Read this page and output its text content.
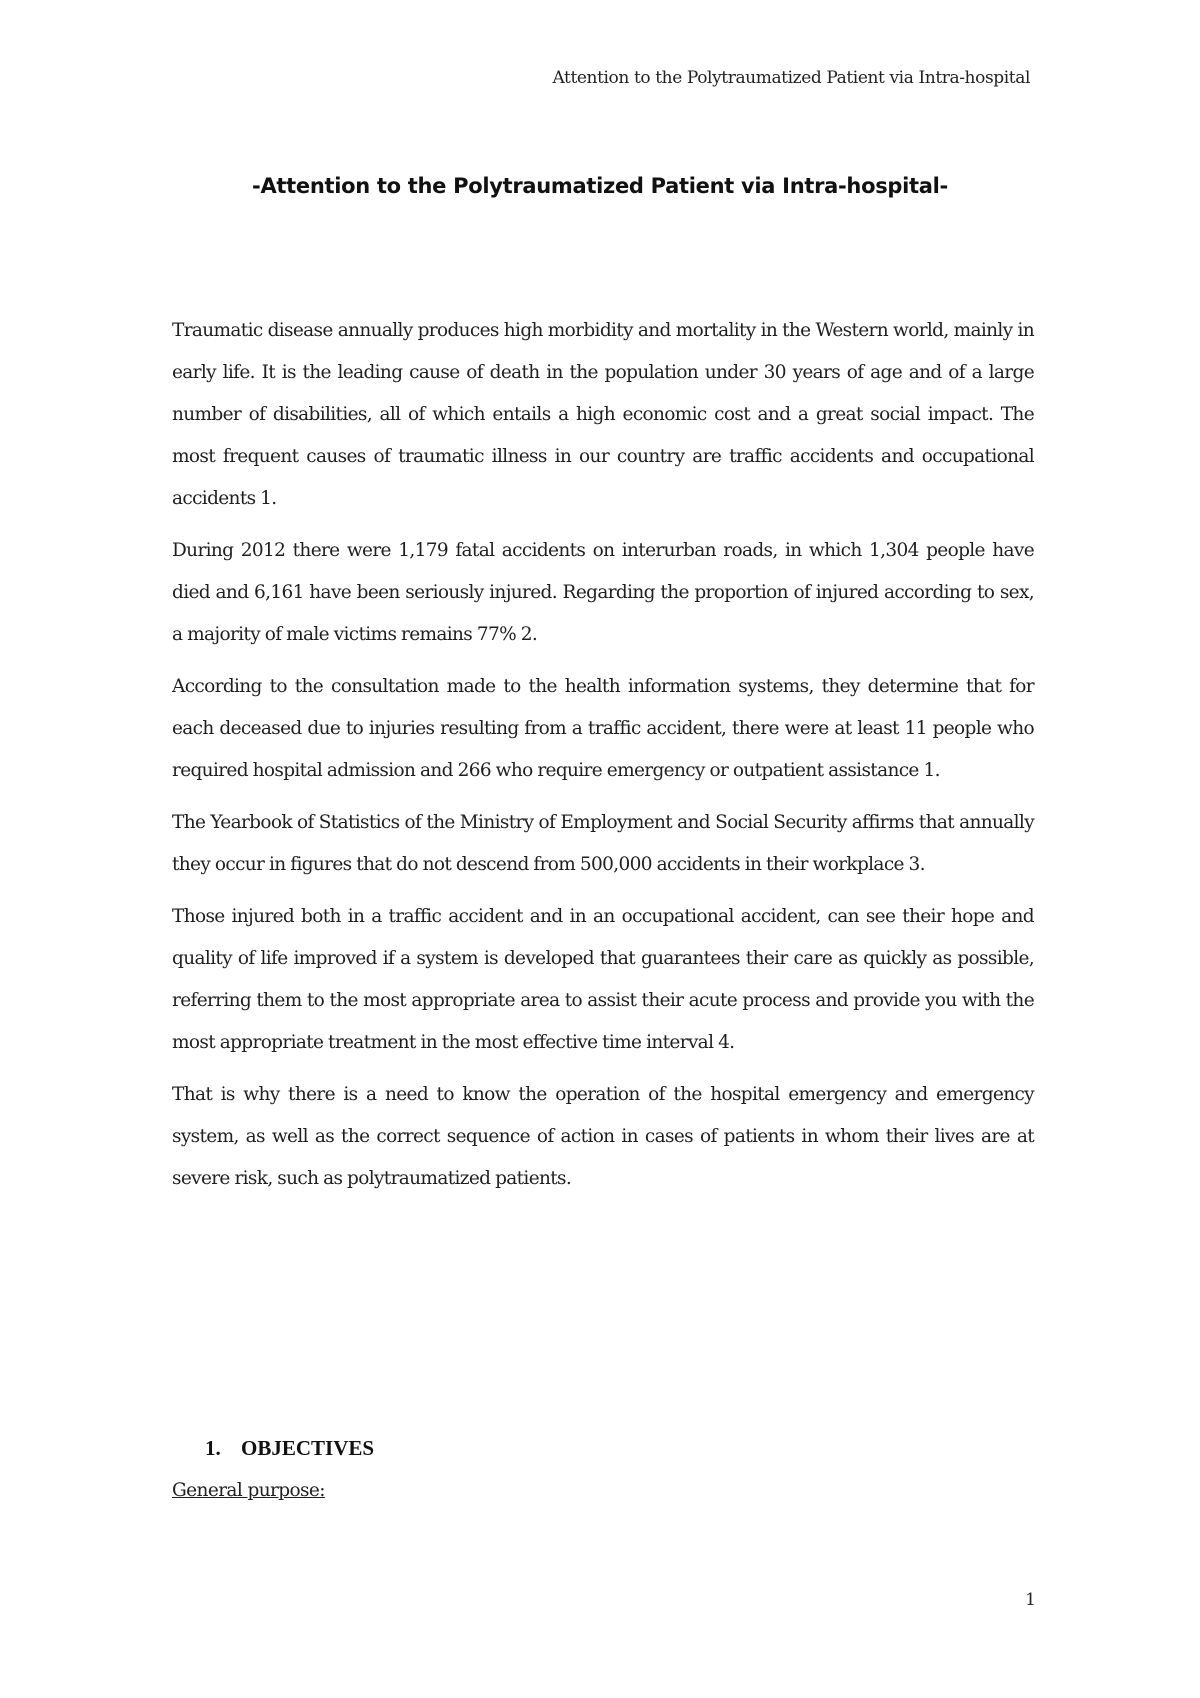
Attention to the Polytraumatized Patient via Intra-hospital
-Attention to the Polytraumatized Patient via Intra-hospital-

Traumatic disease annually produces high morbidity and mortality in the Western world, mainly in early life. It is the leading cause of death in the population under 30 years of age and of a large number of disabilities, all of which entails a high economic cost and a great social impact. The most frequent causes of traumatic illness in our country are traffic accidents and occupational accidents 1.

During 2012 there were 1,179 fatal accidents on interurban roads, in which 1,304 people have died and 6,161 have been seriously injured. Regarding the proportion of injured according to sex, a majority of male victims remains 77% 2.

According to the consultation made to the health information systems, they determine that for each deceased due to injuries resulting from a traffic accident, there were at least 11 people who required hospital admission and 266 who require emergency or outpatient assistance 1.

The Yearbook of Statistics of the Ministry of Employment and Social Security affirms that annually they occur in figures that do not descend from 500,000 accidents in their workplace 3.

Those injured both in a traffic accident and in an occupational accident, can see their hope and quality of life improved if a system is developed that guarantees their care as quickly as possible, referring them to the most appropriate area to assist their acute process and provide you with the most appropriate treatment in the most effective time interval 4.

That is why there is a need to know the operation of the hospital emergency and emergency system, as well as the correct sequence of action in cases of patients in whom their lives are at severe risk, such as polytraumatized patients.

1. OBJECTIVES
General purpose:
1
